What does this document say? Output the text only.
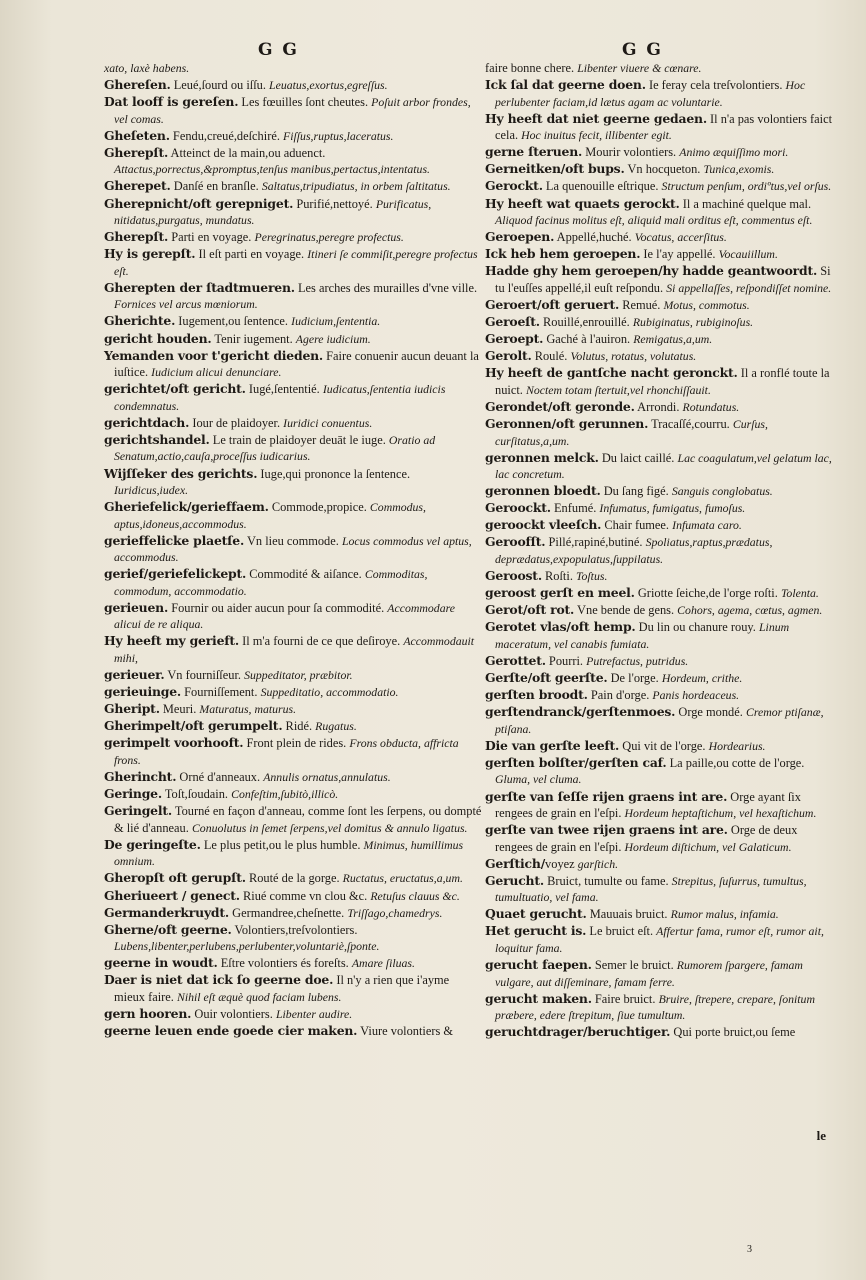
G G	G G
xato, laxè habens.
Ghereſen. Leué,ſourd ou iſſu. Leuatus,exortus,egreſſus.
Dat looff is gereſen. Les fœuilles ſont cheutes. Poſuit arbor frondes, vel comas.
Gheſeten. Fendu,creué,deſchiré. Fiſſus,ruptus,laceratus.
Gherepſt. Atteinct de la main,ou aduenct. Attactus,porrectus,&promptus,tenſus manibus,pertactus,intentatus.
Gherepet. Danſé en branſle. Saltatus,tripudiatus, in orbem ſaltitatus.
Gherepnicht/oft gerepniget. Purifié,nettoyé. Purificatus, nitidatus,purgatus, mundatus.
Gherepſt. Parti en voyage. Peregrinatus,peregre profectus.
Hy is gerepſt. Il eſt parti en voyage. Itineri ſe commiſit,peregre profectus eſt.
Gherepten der ſtadtmueren. Les arches des murailles d'vne ville. Fornices vel arcus mœniorum.
Gherichte. Iugement,ou ſentence. Iudicium,ſententia.
gericht houden. Tenir iugement. Agere iudicium.
Yemanden voor t'gericht dieden. Faire conuenir aucun deuant la iuſtice. Iudicium alicui denunciare.
gerichtet/oft gericht. Iugé,ſententié. Iudicatus,ſententia iudicis condemnatus.
gerichtdach. Iour de plaidoyer. Iuridici conuentus.
gerichtshandel. Le train de plaidoyer deuāt le iuge. Oratio ad Senatum,actio,cauſa,proceſſus iudicarius.
Wijſſeker des gerichts. Iuge,qui prononce la ſentence. Iuridicus,iudex.
Gheriefelick/gerieffaem. Commode,propice. Commodus, aptus,idoneus,accommodus.
gerieffelicke plaetſe. Vn lieu commode. Locus commodus vel aptus, accommodus.
gerief/geriefelickept. Commodité & aiſance. Commoditas, commodum, accommodatio.
gerieuen. Fournir ou aider aucun pour ſa commodité. Accommodare alicui de re aliqua.
Hy heeft my gerieft. Il m'a fourni de ce que deſiroye. Accommodauit mihi,
gerieuer. Vn fourniſſeur. Suppeditator, præbitor.
gerieuinge. Fourniſſement. Suppeditatio, accommodatio.
Gheript. Meuri. Maturatus, maturus.
Gherimpelt/oft gerumpelt. Ridé. Rugatus.
gerimpelt voorhooft. Front plein de rides. Frons obducta, affricta frons.
Gherincht. Orné d'anneaux. Annulis ornatus,annulatus.
Geringe. Toſt,ſoudain. Confeſtim,ſubitò,illicò.
Geringelt. Tourné en façon d'anneau, comme ſont les ſerpens, ou dompté & lié d'anneau. Conuolutus in ſemet ſerpens,vel domitus & annulo ligatus.
De geringeſte. Le plus petit,ou le plus humble. Minimus, humillimus omnium.
Gheropſt oft gerupſt. Routé de la gorge. Ructatus, eructatus,a,um.
Gheriueert / genect. Riué comme vn clou &c. Retuſus clauus &c.
Germanderkruydt. Germandree,cheſnette. Triſſago,chamedrys.
Gherne/oft geerne. Volontiers,treſvolontiers. Lubens,libenter,perlubens,perlubenter,voluntariè,ſponte.
geerne in woudt. Eſtre volontiers és foreſts. Amare ſiluas.
Daer is niet dat ick ſo geerne doe. Il n'y a rien que i'ayme mieux faire. Nihil eſt æquè quod faciam lubens.
gern hooren. Ouir volontiers. Libenter audire.
geerne leuen ende goede cier maken. Viure volontiers &
faire bonne chere. Libenter viuere & cœnare.
Ick ſal dat geerne doen. Ie feray cela treſvolontiers. Hoc perlubenter faciam,id lætus agam ac voluntarie.
Hy heeft dat niet geerne gedaen. Il n'a pas volontiers faict cela. Hoc inuitus fecit, illibenter egit.
gerne ſteruen. Mourir volontiers. Animo æquiſſimo mori.
Gerneitken/oft bups. Vn hocqueton. Tunica,exomis.
Gerockt. La quenouille eſtrique. Structum penſum, ordiºtus,vel orſus.
Hy heeft wat quaets gerockt. Il a machiné quelque mal. Aliquod facinus molitus eſt, aliquid mali orditus eſt, commentus eſt.
Geroepen. Appellé,huché. Vocatus, accerſitus.
Ick heb hem geroepen. Ie l'ay appellé. Vocauiillum.
Hadde ghy hem geroepen/hy hadde geantwoordt. Si tu l'euſſes appellé,il euſt reſpondu. Si appellaſſes, reſpondiſſet nomine.
Geroert/oft geruert. Remué. Motus, commotus.
Geroeſt. Rouillé,enrouillé. Rubiginatus, rubiginoſus.
Geroept. Gaché à l'auiron. Remigatus,a,um.
Gerolt. Roulé. Volutus, rotatus, volutatus.
Hy heeft de gantſche nacht geronckt. Il a ronflé toute la nuict. Noctem totam ſtertuit,vel rhonchiſſauit.
Gerondet/oft geronde. Arrondi. Rotundatus.
Geronnen/oft gerunnen. Tracaſſé,courru. Curſus, curſitatus,a,um.
geronnen melck. Du laict caillé. Lac coagulatum,vel gelatum lac, lac concretum.
geronnen bloedt. Du ſang figé. Sanguis conglobatus.
Geroockt. Enfumé. Infumatus, fumigatus, fumoſus.
geroockt vleeſch. Chair fumee. Infumata caro.
Geroofſt. Pillé,rapiné,butiné. Spoliatus,raptus,prædatus, deprædatus,expopulatus,ſuppilatus.
Geroost. Roſti. Toſtus.
geroost gerſt en meel. Griotte ſeiche,de l'orge roſti. Tolenta.
Gerot/oft rot. Vne bende de gens. Cohors, agema, cœtus, agmen.
Gerotet vlas/oft hemp. Du lin ou chanure rouy. Linum maceratum, vel canabis fumiata.
Gerottet. Pourri. Putrefactus, putridus.
Gerſte/oft geerſte. De l'orge. Hordeum, crithe.
gerſten broodt. Pain d'orge. Panis hordeaceus.
gerſtendranck/gerſtenmoes. Orge mondé. Cremor ptiſanæ, ptiſana.
Die van gerſte leeft. Qui vit de l'orge. Hordearius.
gerſten bolſter/gerſten caf. La paille,ou cotte de l'orge. Gluma, vel cluma.
gerſte van ſeſſe rijen graens int are. Orge ayant ſix rengees de grain en l'eſpi. Hordeum heptaſtichum, vel hexaſtichum.
gerſte van twee rijen graens int are. Orge de deux rengees de grain en l'eſpi. Hordeum diſtichum, vel Galaticum.
Gerſtich/voyez garſtich.
Gerucht. Bruict, tumulte ou fame. Strepitus, ſuſurrus, tumultus, tumultuatio, vel fama.
Quaet gerucht. Mauuais bruict. Rumor malus, infamia.
Het gerucht is. Le bruict eſt. Affertur fama, rumor eſt, rumor ait, loquitur fama.
gerucht faepen. Semer le bruict. Rumorem ſpargere, famam vulgare, aut diſſeminare, famam ferre.
gerucht maken. Faire bruict. Bruire, ſtrepere, crepare, ſonitum præbere, edere ſtrepitum, ſiue tumultum.
geruchtdrager/beruchtiger. Qui porte bruict,ou ſeme
le
3
